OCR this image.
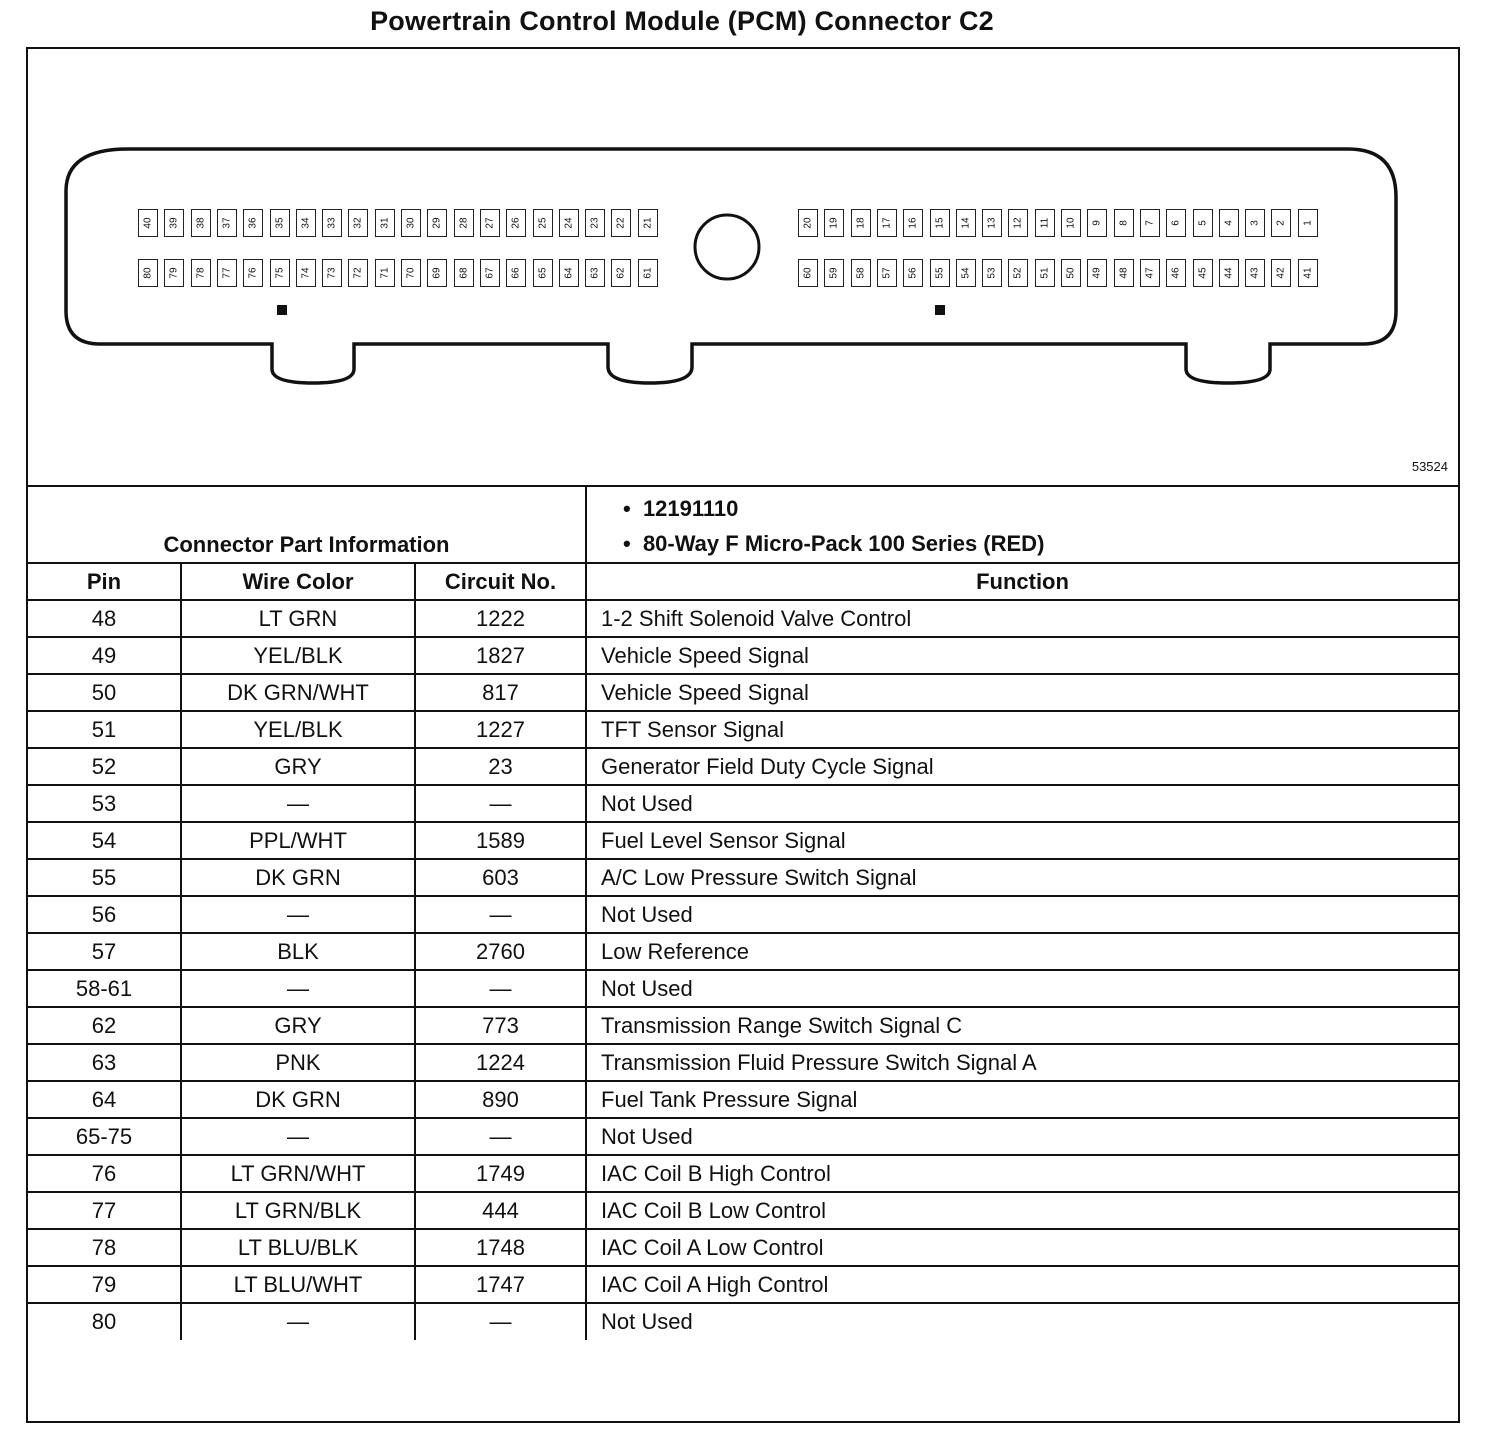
Powertrain Control Module (PCM) Connector C2
40 39 38 37 36 35 34 33 32 31 30 29 28 27 26 25 24 23 22 21
80 79 78 77 76 75 74 73 72 71 70 69 68 67 66 65 64 63 62 61
20 19 18 17 16 15 14 13 12 11 10 9 8 7 6 5 4 3 2 1
60 59 58 57 56 55 54 53 52 51 50 49 48 47 46 45 44 43 42 41
53524
Connector Part Information			•  12191110
•  80-Way F Micro-Pack 100 Series (RED)

Pin	Wire Color	Circuit No.	Function
48	LT GRN	1222	1-2 Shift Solenoid Valve Control
49	YEL/BLK	1827	Vehicle Speed Signal
50	DK GRN/WHT	817	Vehicle Speed Signal
51	YEL/BLK	1227	TFT Sensor Signal
52	GRY	23	Generator Field Duty Cycle Signal
53	—	—	Not Used
54	PPL/WHT	1589	Fuel Level Sensor Signal
55	DK GRN	603	A/C Low Pressure Switch Signal
56	—	—	Not Used
57	BLK	2760	Low Reference
58-61	—	—	Not Used
62	GRY	773	Transmission Range Switch Signal C
63	PNK	1224	Transmission Fluid Pressure Switch Signal A
64	DK GRN	890	Fuel Tank Pressure Signal
65-75	—	—	Not Used
76	LT GRN/WHT	1749	IAC Coil B High Control
77	LT GRN/BLK	444	IAC Coil B Low Control
78	LT BLU/BLK	1748	IAC Coil A Low Control
79	LT BLU/WHT	1747	IAC Coil A High Control
80	—	—	Not Used
